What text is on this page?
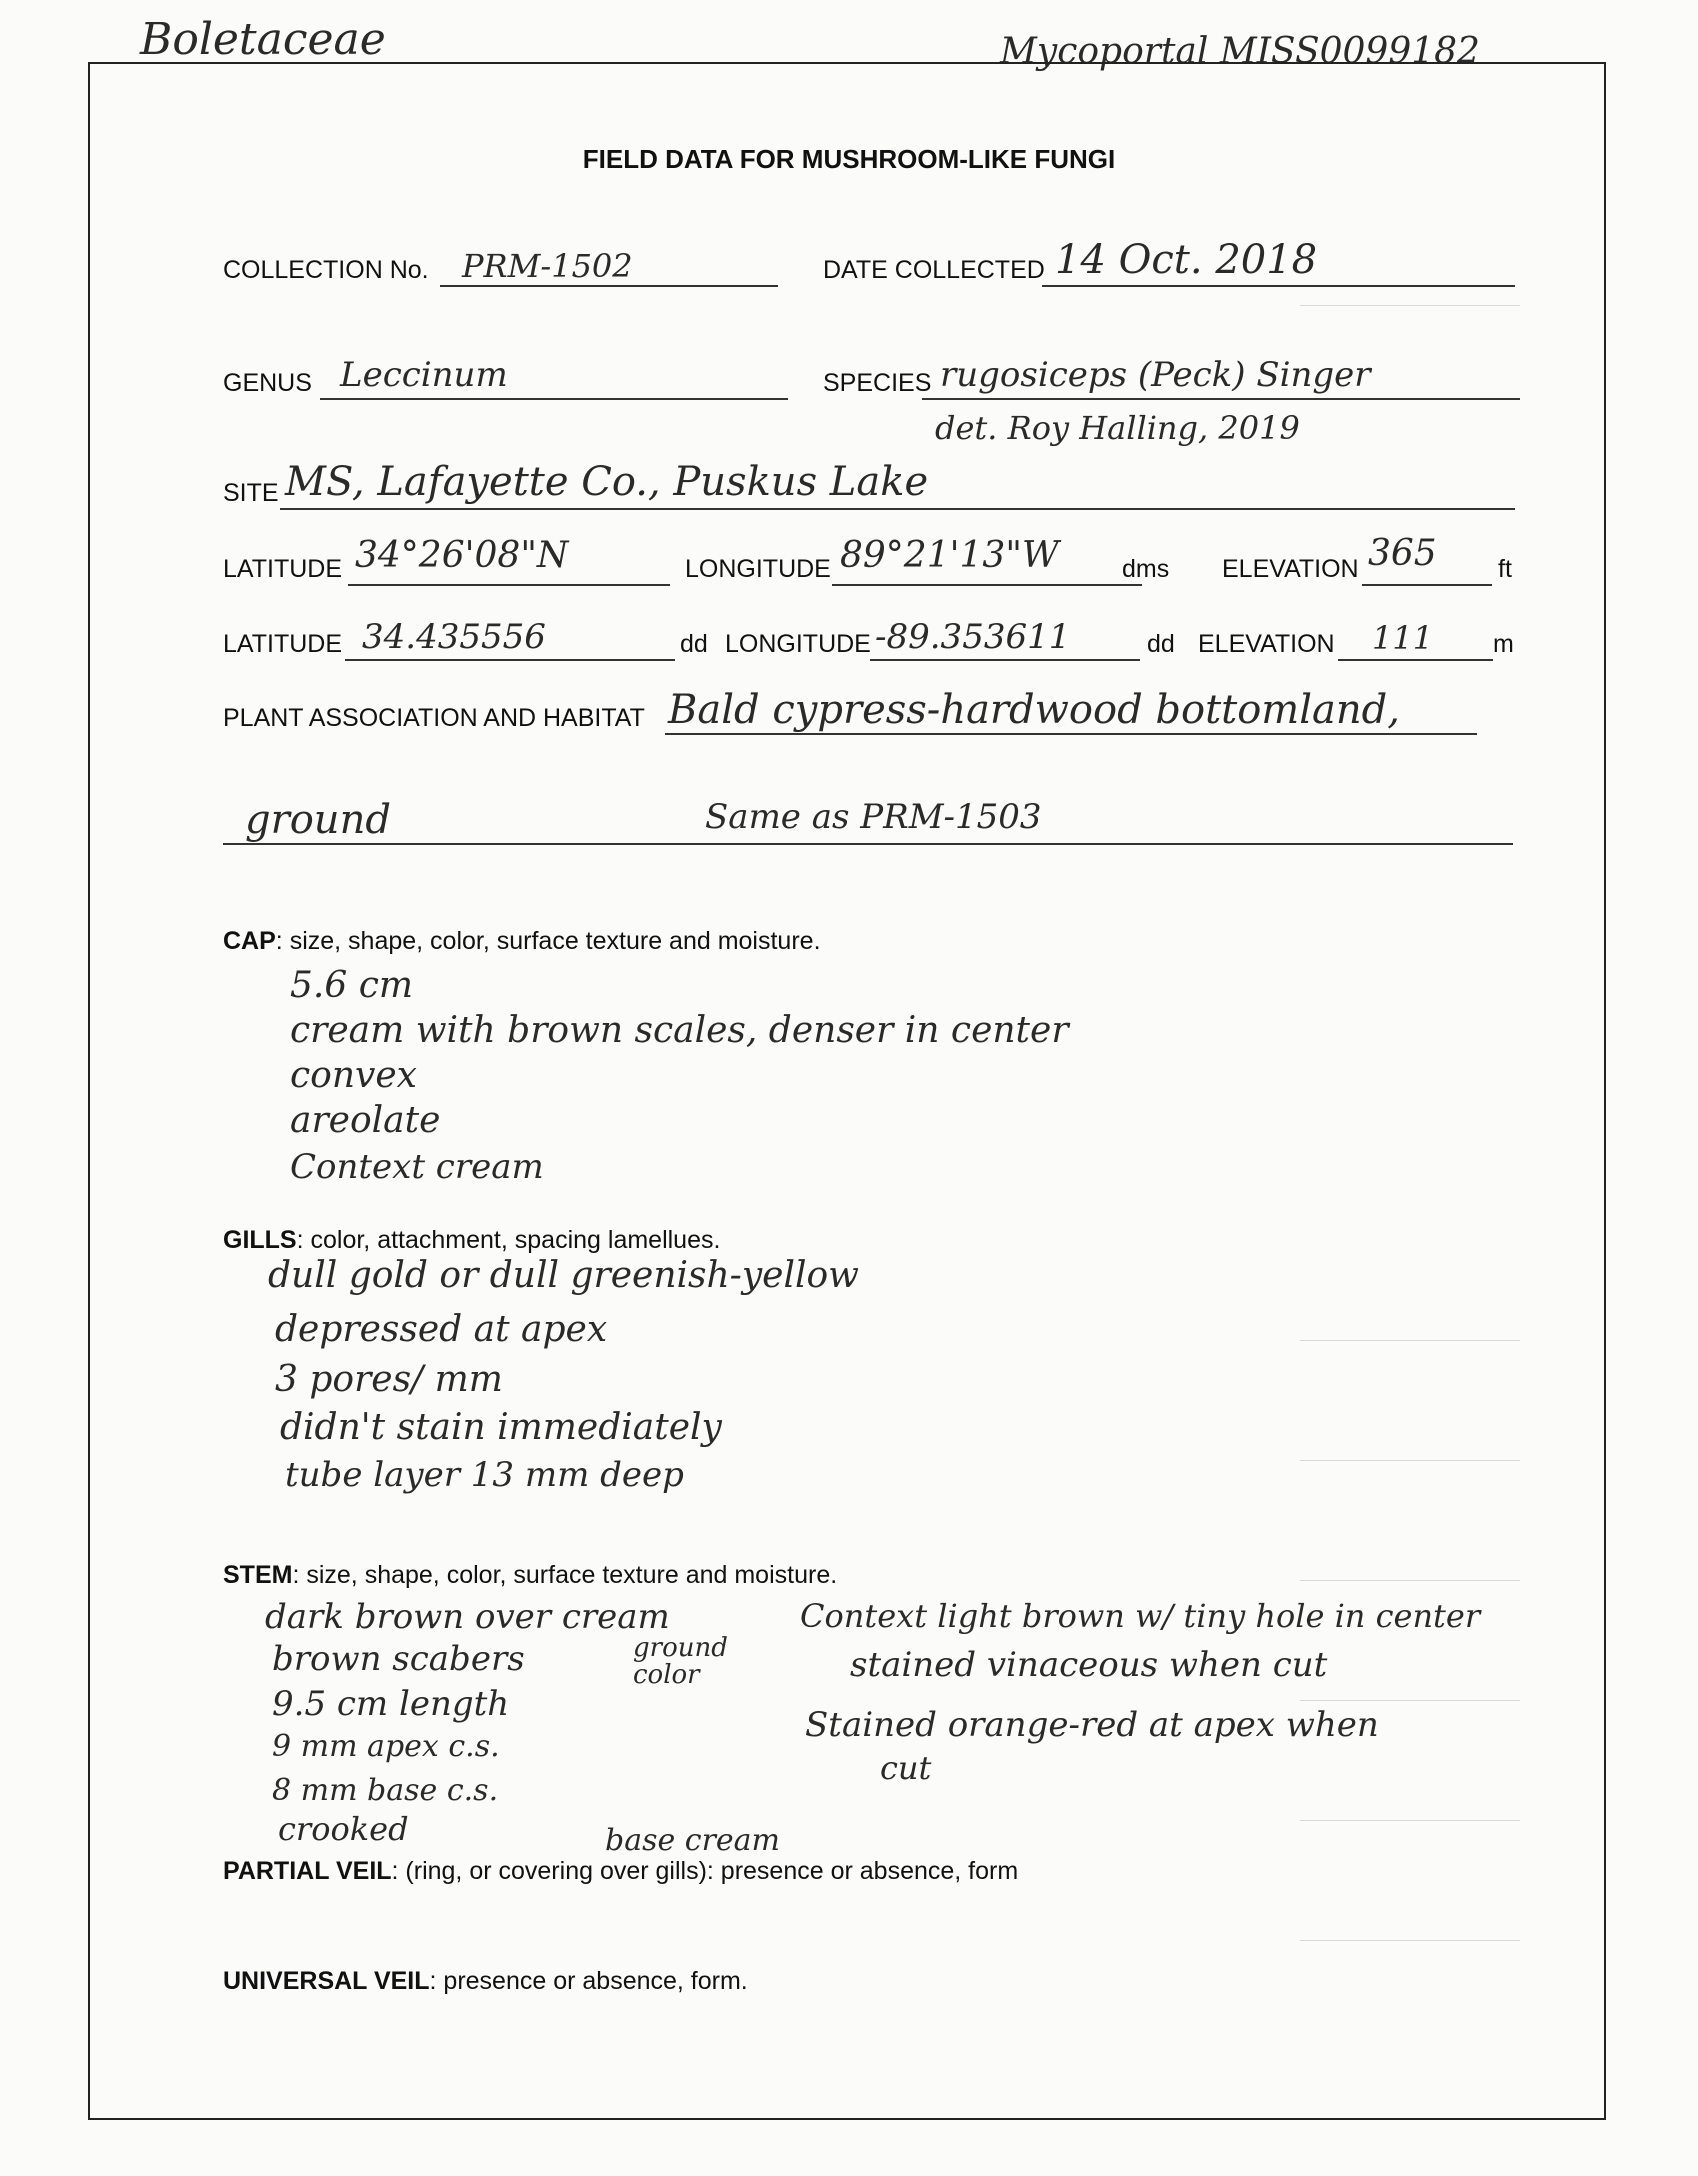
Boletaceae	Mycoportal MISS0099182
FIELD DATA FOR MUSHROOM-LIKE FUNGI
COLLECTION No. PRM-1502	DATE COLLECTED 14 Oct. 2018
GENUS Leccinum	SPECIES rugosiceps (Peck) Singer
det. Roy Halling, 2019
SITE MS, Lafayette Co., Puskus Lake
LATITUDE 34°26'08"N	LONGITUDE 89°21'13"W	dms ELEVATION 365 ft
LATITUDE 34.435556	dd LONGITUDE -89.353611	dd ELEVATION 111 m
PLANT ASSOCIATION AND HABITAT Bald cypress-hardwood bottomland,
ground	Same as PRM-1503
CAP: size, shape, color, surface texture and moisture.
5.6 cm
cream with brown scales, denser in center
convex
areolate
Context cream
GILLS: color, attachment, spacing lamellues.
dull gold or dull greenish-yellow
depressed at apex
3 pores/ mm
didn't stain immediately
tube layer 13 mm deep
STEM: size, shape, color, surface texture and moisture.
dark brown over cream
brown scabers
9.5 cm length
9 mm apex c.s.
8 mm base c.s.
crooked
ground color
base cream
Context light brown w/ tiny hole in center
stained vinaceous when cut
Stained orange-red at apex when
cut
PARTIAL VEIL: (ring, or covering over gills): presence or absence, form
UNIVERSAL VEIL: presence or absence, form.
